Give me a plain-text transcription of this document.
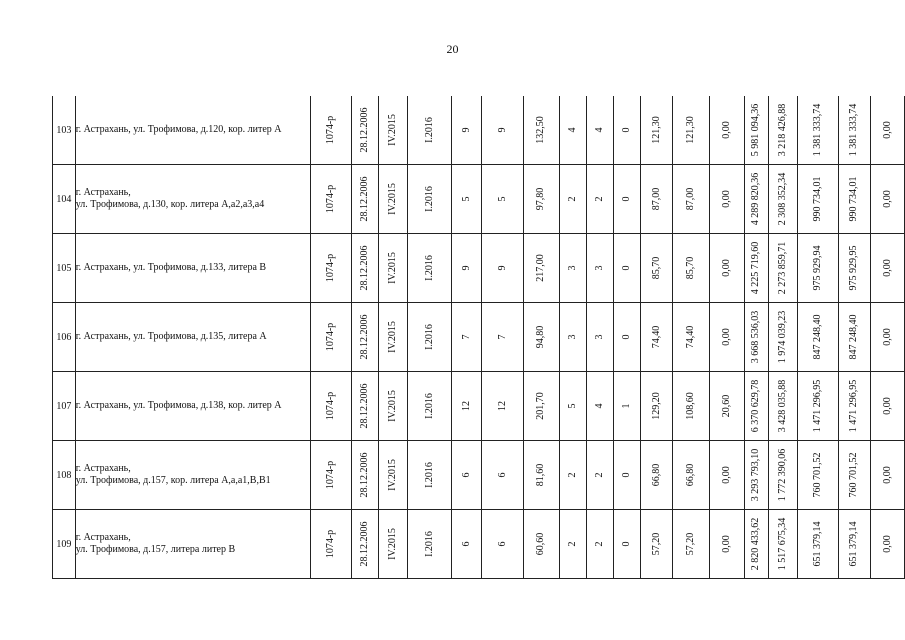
20
103	г. Астрахань, ул. Трофимова, д.120, кор. литер А	1074-р	28.12.2006	IV.2015	I.2016	9	9	132,50	4	4	0	121,30	121,30	0,00	5 981 094,36	3 218 426,88	1 381 333,74	1 381 333,74	0,00

104	г. Астрахань,
ул. Трофимова, д.130, кор. литера А,а2,а3,а4	1074-р	28.12.2006	IV.2015	I.2016	5	5	97,80	2	2	0	87,00	87,00	0,00	4 289 820,36	2 308 352,34	990 734,01	990 734,01	0,00

105	г. Астрахань, ул. Трофимова, д.133, литера В	1074-р	28.12.2006	IV.2015	I.2016	9	9	217,00	3	3	0	85,70	85,70	0,00	4 225 719,60	2 273 859,71	975 929,94	975 929,95	0,00

106	г. Астрахань, ул. Трофимова, д.135, литера А	1074-р	28.12.2006	IV.2015	I.2016	7	7	94,80	3	3	0	74,40	74,40	0,00	3 668 536,03	1 974 039,23	847 248,40	847 248,40	0,00

107	г. Астрахань, ул. Трофимова, д.138, кор. литер А	1074-р	28.12.2006	IV.2015	I.2016	12	12	201,70	5	4	1	129,20	108,60	20,60	6 370 629,78	3 428 035,88	1 471 296,95	1 471 296,95	0,00

108	г. Астрахань,
ул. Трофимова, д.157, кор. литера А,а,а1,В,В1	1074-р	28.12.2006	IV.2015	I.2016	6	6	81,60	2	2	0	66,80	66,80	0,00	3 293 793,10	1 772 390,06	760 701,52	760 701,52	0,00

109	г. Астрахань,
ул. Трофимова, д.157, литера литер В	1074-р	28.12.2006	IV.2015	I.2016	6	6	60,60	2	2	0	57,20	57,20	0,00	2 820 433,62	1 517 675,34	651 379,14	651 379,14	0,00
